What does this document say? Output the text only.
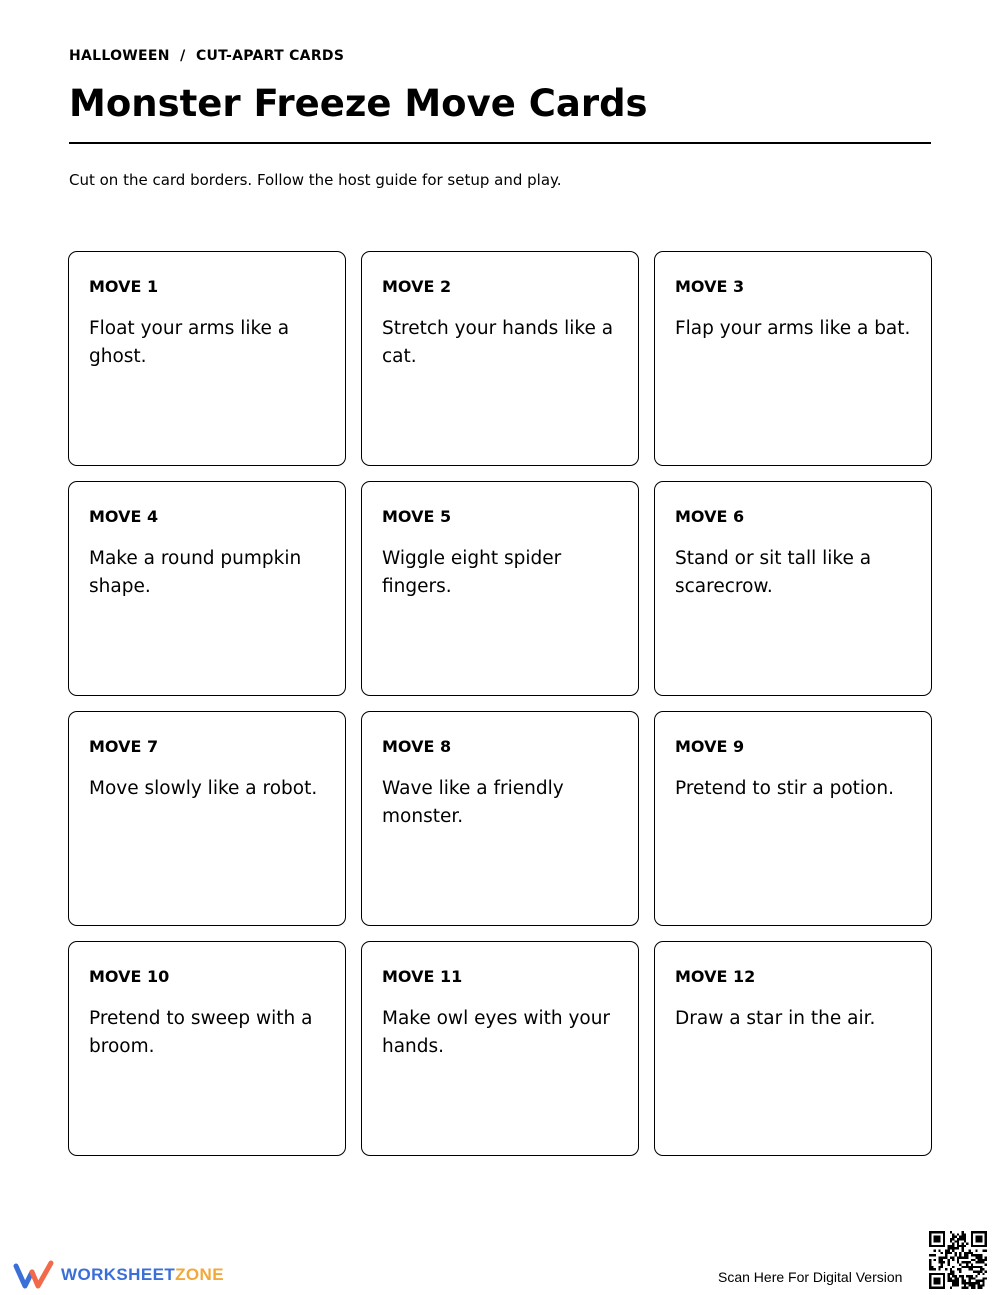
HALLOWEEN / CUT-APART CARDS
Monster Freeze Move Cards
Cut on the card borders. Follow the host guide for setup and play.
MOVE 1
Float your arms like a ghost.
MOVE 2
Stretch your hands like a cat.
MOVE 3
Flap your arms like a bat.
MOVE 4
Make a round pumpkin shape.
MOVE 5
Wiggle eight spider fingers.
MOVE 6
Stand or sit tall like a scarecrow.
MOVE 7
Move slowly like a robot.
MOVE 8
Wave like a friendly monster.
MOVE 9
Pretend to stir a potion.
MOVE 10
Pretend to sweep with a broom.
MOVE 11
Make owl eyes with your hands.
MOVE 12
Draw a star in the air.
WORKSHEETZONE	Scan Here For Digital Version
